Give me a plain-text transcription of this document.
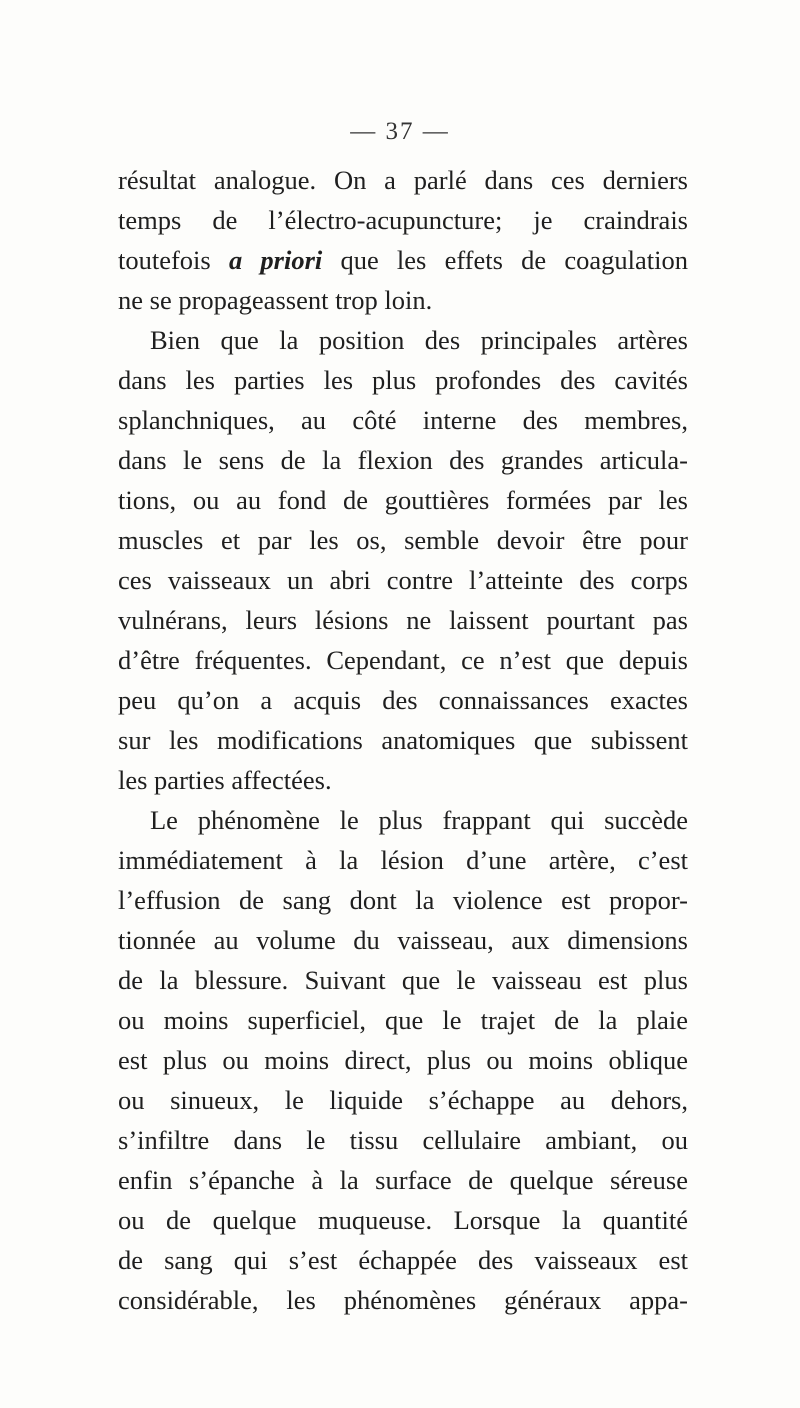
— 37 —
résultat analogue. On a parlé dans ces derniers
temps de l’électro-acupuncture; je craindrais
toutefois a priori que les effets de coagulation
ne se propageassent trop loin.
Bien que la position des principales artères
dans les parties les plus profondes des cavités
splanchniques, au côté interne des membres,
dans le sens de la flexion des grandes articula-
tions, ou au fond de gouttières formées par les
muscles et par les os, semble devoir être pour
ces vaisseaux un abri contre l’atteinte des corps
vulnérans, leurs lésions ne laissent pourtant pas
d’être fréquentes. Cependant, ce n’est que depuis
peu qu’on a acquis des connaissances exactes
sur les modifications anatomiques que subissent
les parties affectées.
Le phénomène le plus frappant qui succède
immédiatement à la lésion d’une artère, c’est
l’effusion de sang dont la violence est propor-
tionnée au volume du vaisseau, aux dimensions
de la blessure. Suivant que le vaisseau est plus
ou moins superficiel, que le trajet de la plaie
est plus ou moins direct, plus ou moins oblique
ou sinueux, le liquide s’échappe au dehors,
s’infiltre dans le tissu cellulaire ambiant, ou
enfin s’épanche à la surface de quelque séreuse
ou de quelque muqueuse. Lorsque la quantité
de sang qui s’est échappée des vaisseaux est
considérable, les phénomènes généraux appa-
